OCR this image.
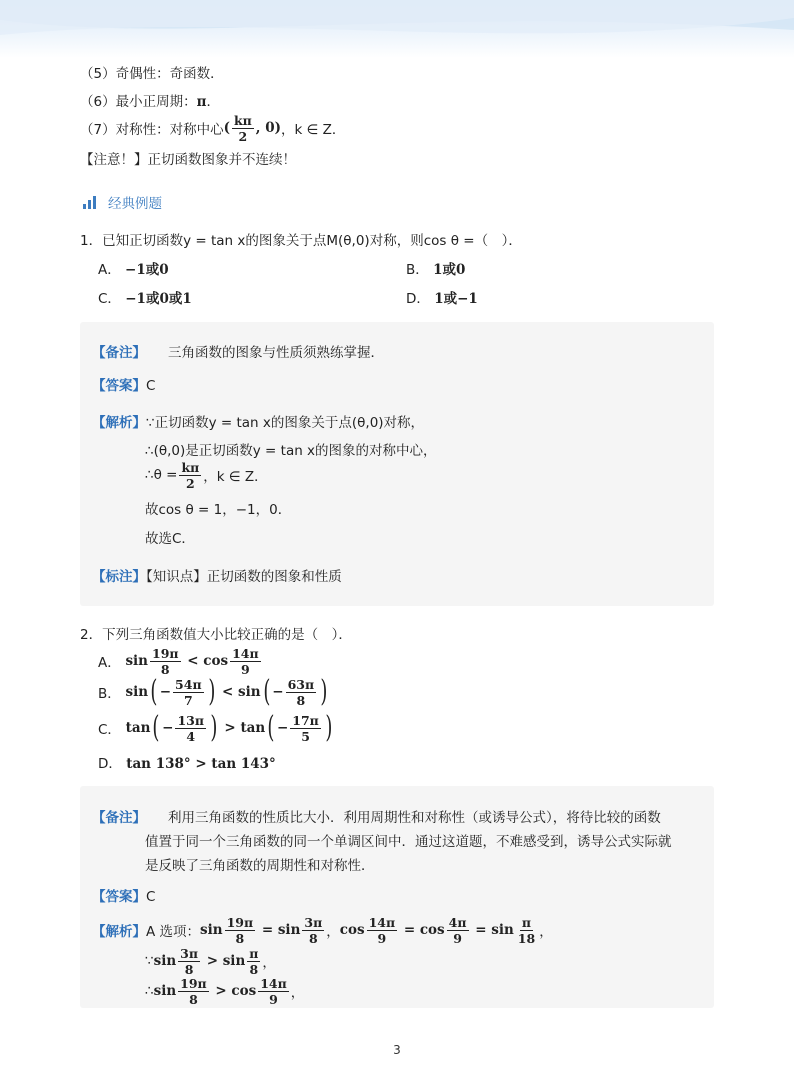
（5）奇偶性：奇函数．
（6）最小正周期：π．
（7）对称性：对称中心 ( $\frac{k\pi}{2}$ , 0) ，k ∈ Z．
【注意！】正切函数图象并不连续！
经典例题
1．已知正切函数y = tan x的图象关于点M(θ,0)对称，则cos θ =（　）．
A． −1或0	B． 1或0
C． −1或0或1	D． 1或−1
【备注】 三角函数的图象与性质须熟练掌握．
【答案】C
【解析】∵正切函数y = tan x的图象关于点(θ,0)对称，
∴(θ,0)是正切函数y = tan x的图象的对称中心，
∴θ = $\frac{k\pi}{2}$ ，k ∈ Z．
故cos θ = 1，−1，0．
故选C．
【标注】【知识点】正切函数的图象和性质
2．下列三角函数值大小比较正确的是（　）．
A． $\sin \frac{19\pi}{8} < \cos \frac{14\pi}{9}$
B． sin ( − $\frac{54\pi}{7}$ ) < sin ( − $\frac{63\pi}{8}$ )
C． tan ( − $\frac{13\pi}{4}$ ) > tan ( − $\frac{17\pi}{5}$ )
D． tan 138° > tan 143°
【备注】 利用三角函数的性质比大小．利用周期性和对称性（或诱导公式），将待比较的函数
值置于同一个三角函数的同一个单调区间中．通过这道题，不难感受到，诱导公式实际就
是反映了三角函数的周期性和对称性．
【答案】C
【解析】 A 选项： $\sin \frac{19\pi}{8} = \sin \frac{3\pi}{8}$ ， $\cos \frac{14\pi}{9} = \cos \frac{4\pi}{9} = \sin \frac{\pi}{18}$ ，
∵ $\sin \frac{3\pi}{8} > \sin \frac{\pi}{8}$ ，
∴ $\sin \frac{19\pi}{8} > \cos \frac{14\pi}{9}$ ，
3
